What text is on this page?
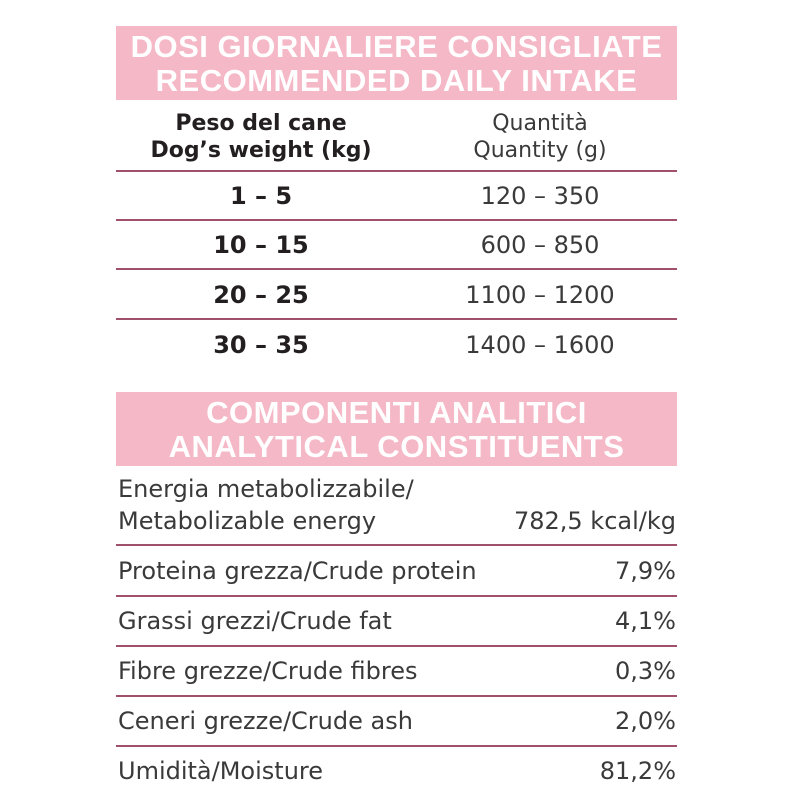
DOSI GIORNALIERE CONSIGLIATE
RECOMMENDED DAILY INTAKE
Peso del cane
Dog’s weight (kg)
Quantità
Quantity (g)
1 – 5	120 – 350
10 – 15	600 – 850
20 – 25	1100 – 1200
30 – 35	1400 – 1600
COMPONENTI ANALITICI
ANALYTICAL CONSTITUENTS
Energia metabolizzabile/
Metabolizable energy	782,5 kcal/kg
Proteina grezza/Crude protein	7,9%
Grassi grezzi/Crude fat	4,1%
Fibre grezze/Crude fibres	0,3%
Ceneri grezze/Crude ash	2,0%
Umidità/Moisture	81,2%
